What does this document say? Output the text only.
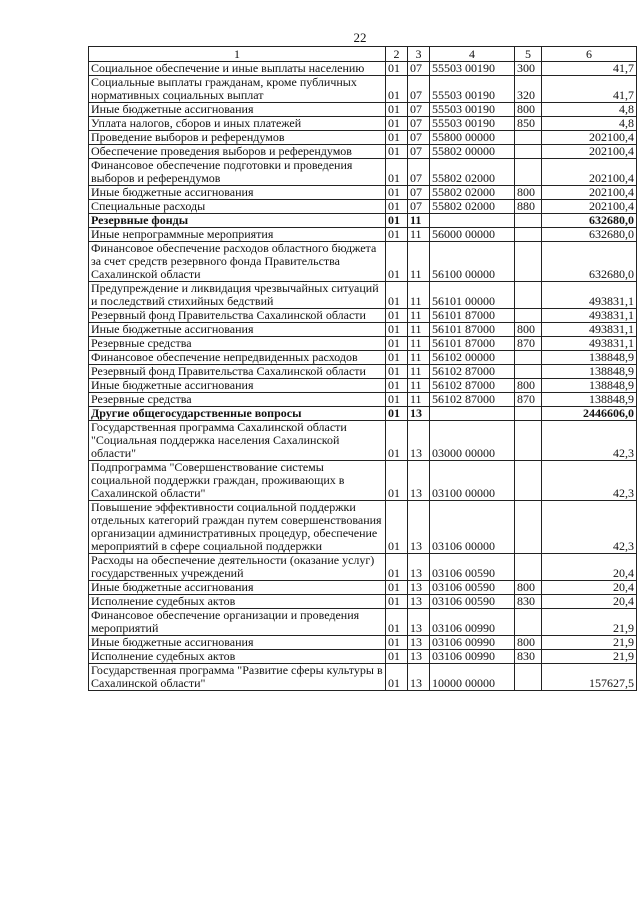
22
1	2	3	4	5	6
Социальное обеспечение и иные выплаты населению	01	07	55503 00190	300	41,7
Социальные выплаты гражданам, кроме публичных нормативных социальных выплат	01	07	55503 00190	320	41,7
Иные бюджетные ассигнования	01	07	55503 00190	800	4,8
Уплата налогов, сборов и иных платежей	01	07	55503 00190	850	4,8
Проведение выборов и референдумов	01	07	55800 00000		202100,4
Обеспечение проведения выборов и референдумов	01	07	55802 00000		202100,4
Финансовое обеспечение подготовки и проведения выборов и референдумов	01	07	55802 02000		202100,4
Иные бюджетные ассигнования	01	07	55802 02000	800	202100,4
Специальные расходы	01	07	55802 02000	880	202100,4
Резервные фонды	01	11			632680,0
Иные непрограммные мероприятия	01	11	56000 00000		632680,0
Финансовое обеспечение расходов областного бюджета за счет средств резервного фонда Правительства Сахалинской области	01	11	56100 00000		632680,0
Предупреждение и ликвидация чрезвычайных ситуаций и последствий стихийных бедствий	01	11	56101 00000		493831,1
Резервный фонд Правительства Сахалинской области	01	11	56101 87000		493831,1
Иные бюджетные ассигнования	01	11	56101 87000	800	493831,1
Резервные средства	01	11	56101 87000	870	493831,1
Финансовое обеспечение непредвиденных расходов	01	11	56102 00000		138848,9
Резервный фонд Правительства Сахалинской области	01	11	56102 87000		138848,9
Иные бюджетные ассигнования	01	11	56102 87000	800	138848,9
Резервные средства	01	11	56102 87000	870	138848,9
Другие общегосударственные вопросы	01	13			2446606,0
Государственная программа Сахалинской области "Социальная поддержка населения Сахалинской области"	01	13	03000 00000		42,3
Подпрограмма "Совершенствование системы социальной поддержки граждан, проживающих в Сахалинской области"	01	13	03100 00000		42,3
Повышение эффективности социальной поддержки отдельных категорий граждан путем совершенствования организации административных процедур, обеспечение мероприятий в сфере социальной поддержки	01	13	03106 00000		42,3
Расходы на обеспечение деятельности (оказание услуг) государственных учреждений	01	13	03106 00590		20,4
Иные бюджетные ассигнования	01	13	03106 00590	800	20,4
Исполнение судебных актов	01	13	03106 00590	830	20,4
Финансовое обеспечение организации и проведения мероприятий	01	13	03106 00990		21,9
Иные бюджетные ассигнования	01	13	03106 00990	800	21,9
Исполнение судебных актов	01	13	03106 00990	830	21,9
Государственная программа "Развитие сферы культуры в Сахалинской области"	01	13	10000 00000		157627,5
